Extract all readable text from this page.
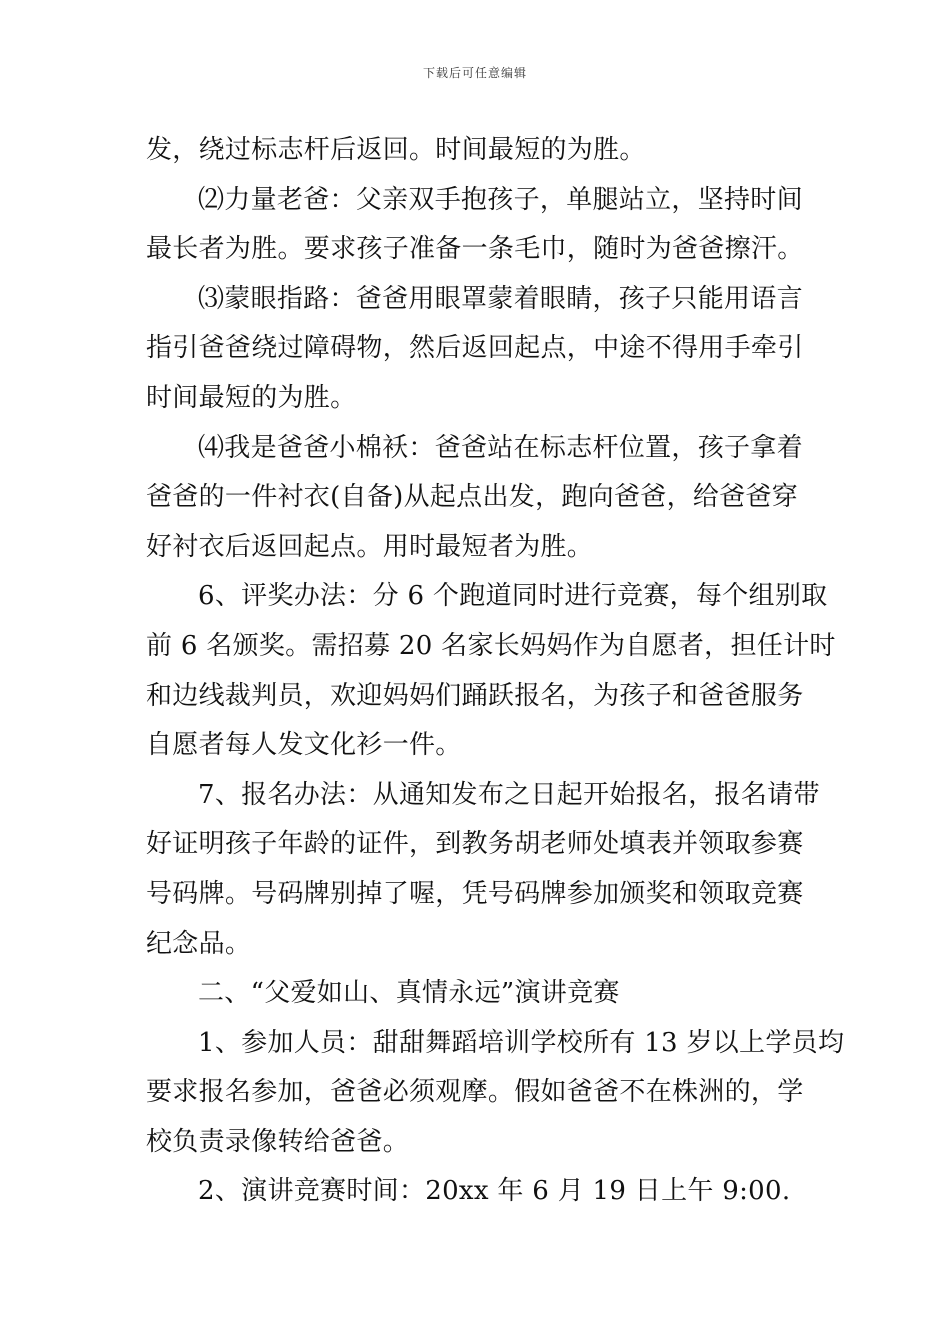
下载后可任意编辑
发，绕过标志杆后返回。时间最短的为胜。
⑵力量老爸：父亲双手抱孩子，单腿站立，坚持时间
最长者为胜。要求孩子准备一条毛巾，随时为爸爸擦汗。
⑶蒙眼指路：爸爸用眼罩蒙着眼睛，孩子只能用语言
指引爸爸绕过障碍物，然后返回起点，中途不得用手牵引
时间最短的为胜。
⑷我是爸爸小棉袄：爸爸站在标志杆位置，孩子拿着
爸爸的一件衬衣(自备)从起点出发，跑向爸爸，给爸爸穿
好衬衣后返回起点。用时最短者为胜。
6、评奖办法：分 6 个跑道同时进行竞赛，每个组别取
前 6 名颁奖。需招募 20 名家长妈妈作为自愿者，担任计时
和边线裁判员，欢迎妈妈们踊跃报名，为孩子和爸爸服务
自愿者每人发文化衫一件。
7、报名办法：从通知发布之日起开始报名，报名请带
好证明孩子年龄的证件，到教务胡老师处填表并领取参赛
号码牌。号码牌别掉了喔，凭号码牌参加颁奖和领取竞赛
纪念品。
二、“父爱如山、真情永远”演讲竞赛
1、参加人员：甜甜舞蹈培训学校所有 13 岁以上学员均
要求报名参加，爸爸必须观摩。假如爸爸不在株洲的，学
校负责录像转给爸爸。
2、演讲竞赛时间：20xx 年 6 月 19 日上午 9:00.
